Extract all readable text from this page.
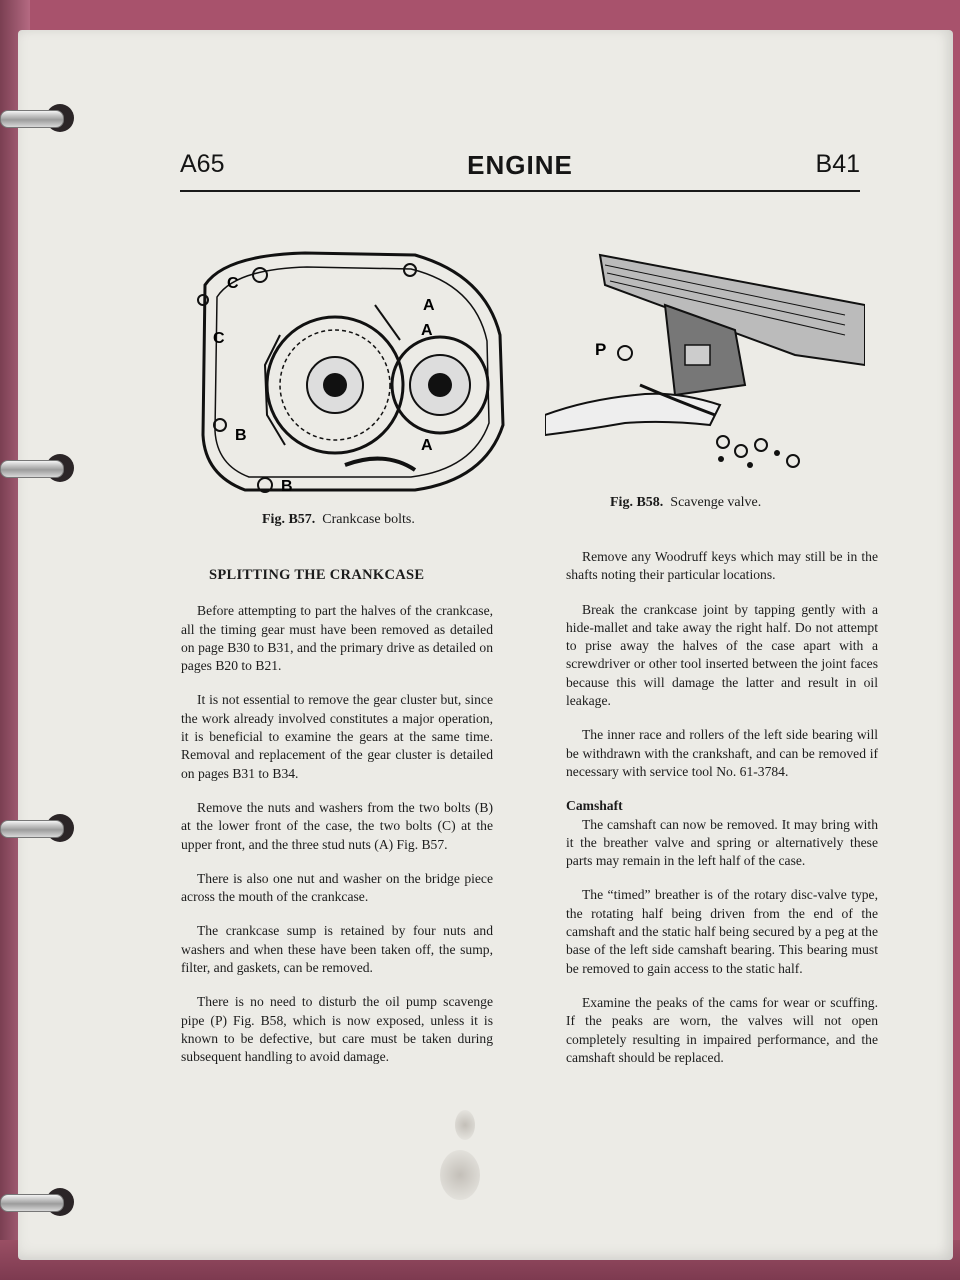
A65	ENGINE	B41
C
C	A
A
A
B
B
Fig. B57. Crankcase bolts.
P
Fig. B58. Scavenge valve.
SPLITTING THE CRANKCASE

Before attempting to part the halves of the crankcase, all the timing gear must have been removed as detailed on page B30 to B31, and the primary drive as detailed on pages B20 to B21.

It is not essential to remove the gear cluster but, since the work already involved constitutes a major operation, it is beneficial to examine the gears at the same time. Removal and replacement of the gear cluster is detailed on pages B31 to B34.

Remove the nuts and washers from the two bolts (B) at the lower front of the case, the two bolts (C) at the upper front, and the three stud nuts (A) Fig. B57.

There is also one nut and washer on the bridge piece across the mouth of the crankcase.

The crankcase sump is retained by four nuts and washers and when these have been taken off, the sump, filter, and gaskets, can be removed.

There is no need to disturb the oil pump scavenge pipe (P) Fig. B58, which is now exposed, unless it is known to be defective, but care must be taken during subsequent handling to avoid damage.

Remove any Woodruff keys which may still be in the shafts noting their particular locations.

Break the crankcase joint by tapping gently with a hide-mallet and take away the right half. Do not attempt to prise away the halves of the case apart with a screwdriver or other tool inserted between the joint faces because this will damage the latter and result in oil leakage.

The inner race and rollers of the left side bearing will be withdrawn with the crankshaft, and can be removed if necessary with service tool No. 61-3784.

Camshaft

The camshaft can now be removed. It may bring with it the breather valve and spring or alternatively these parts may remain in the left half of the case.

The “timed” breather is of the rotary disc-valve type, the rotating half being driven from the end of the camshaft and the static half being secured by a peg at the base of the left side camshaft bearing. This bearing must be removed to gain access to the static half.

Examine the peaks of the cams for wear or scuffing. If the peaks are worn, the valves will not open completely resulting in impaired performance, and the camshaft should be replaced.
